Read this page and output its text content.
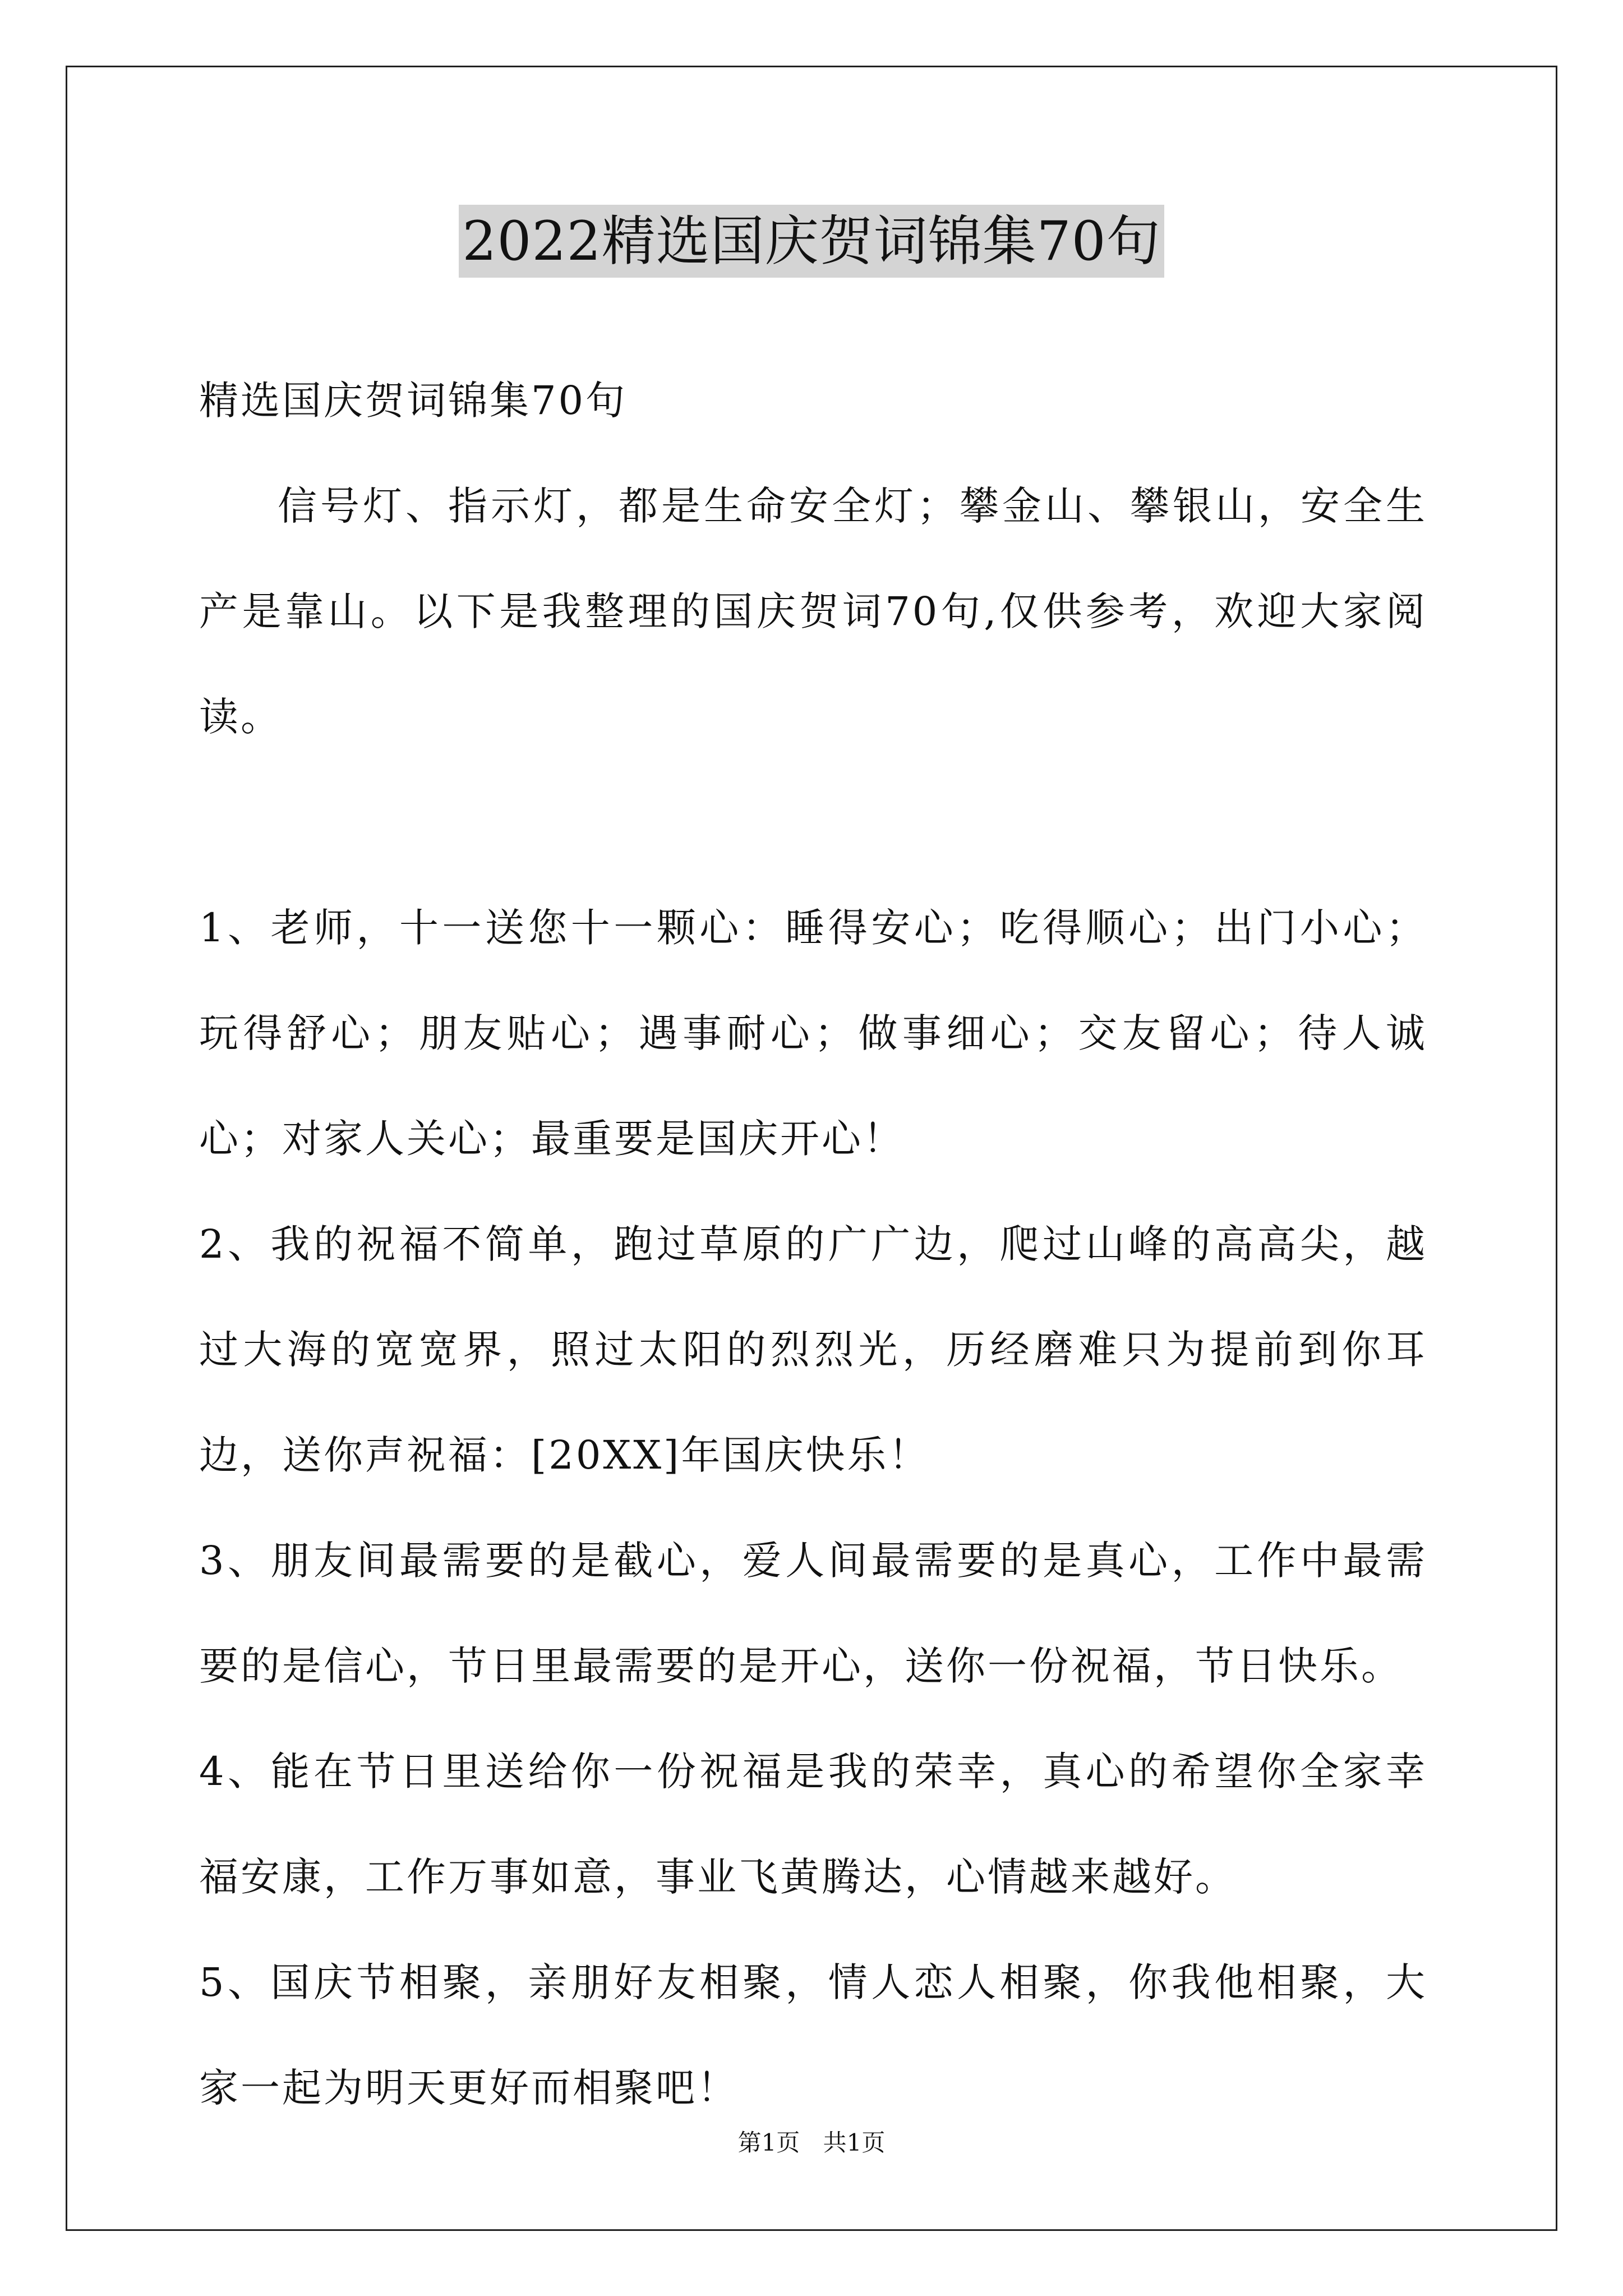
2022精选国庆贺词锦集70句

精选国庆贺词锦集70句

信号灯、指示灯，都是生命安全灯；攀金山、攀银山，安全生产是靠山。以下是我整理的国庆贺词70句,仅供参考，欢迎大家阅读。

1、老师，十一送您十一颗心：睡得安心；吃得顺心；出门小心；玩得舒心；朋友贴心；遇事耐心；做事细心；交友留心；待人诚心；对家人关心；最重要是国庆开心！

2、我的祝福不简单，跑过草原的广广边，爬过山峰的高高尖，越过大海的宽宽界，照过太阳的烈烈光，历经磨难只为提前到你耳边，送你声祝福：[20XX]年国庆快乐！

3、朋友间最需要的是截心，爱人间最需要的是真心，工作中最需要的是信心，节日里最需要的是开心，送你一份祝福，节日快乐。

4、能在节日里送给你一份祝福是我的荣幸，真心的希望你全家幸福安康，工作万事如意，事业飞黄腾达，心情越来越好。

5、国庆节相聚，亲朋好友相聚，情人恋人相聚，你我他相聚，大家一起为明天更好而相聚吧！

第1页 共1页
